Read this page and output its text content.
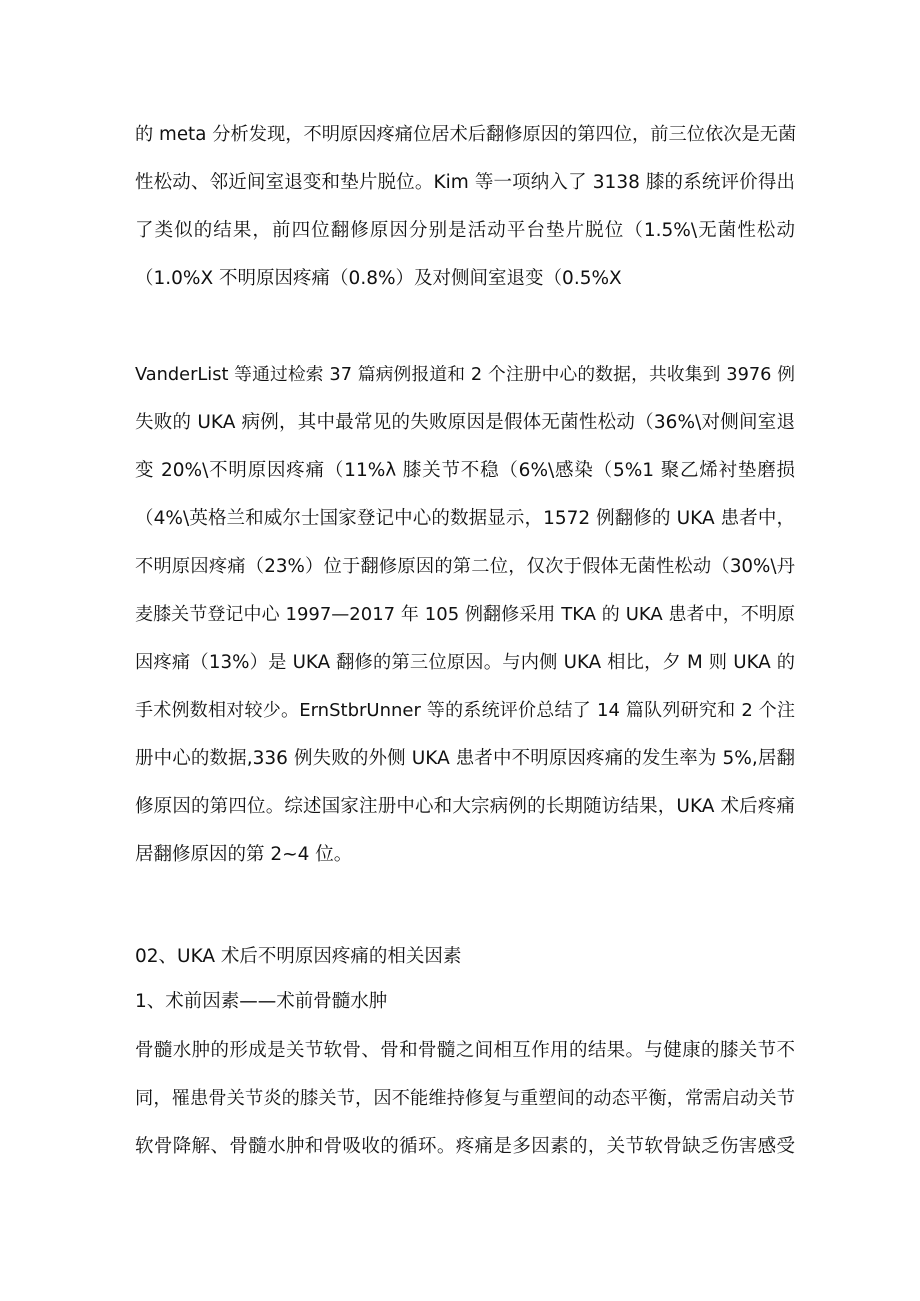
的 meta 分析发现，不明原因疼痛位居术后翻修原因的第四位，前三位依次是无菌
性松动、邻近间室退变和垫片脱位。Kim 等一项纳入了 3138 膝的系统评价得出
了类似的结果，前四位翻修原因分别是活动平台垫片脱位（1.5%\无菌性松动
（1.0%X 不明原因疼痛（0.8%）及对侧间室退变（0.5%X
VanderList 等通过检索 37 篇病例报道和 2 个注册中心的数据，共收集到 3976 例
失败的 UKA 病例，其中最常见的失败原因是假体无菌性松动（36%\对侧间室退
变 20%\不明原因疼痛（11%λ 膝关节不稳（6%\感染（5%1 聚乙烯衬垫磨损
（4%\英格兰和威尔士国家登记中心的数据显示，1572 例翻修的 UKA 患者中，
不明原因疼痛（23%）位于翻修原因的第二位，仅次于假体无菌性松动（30%\丹
麦膝关节登记中心 1997—2017 年 105 例翻修采用 TKA 的 UKA 患者中，不明原
因疼痛（13%）是 UKA 翻修的第三位原因。与内侧 UKA 相比，夕 M 则 UKA 的
手术例数相对较少。ErnStbrUnner 等的系统评价总结了 14 篇队列研究和 2 个注
册中心的数据,336 例失败的外侧 UKA 患者中不明原因疼痛的发生率为 5%,居翻
修原因的第四位。综述国家注册中心和大宗病例的长期随访结果，UKA 术后疼痛
居翻修原因的第 2~4 位。
02、UKA 术后不明原因疼痛的相关因素
1、术前因素——术前骨髓水肿
骨髓水肿的形成是关节软骨、骨和骨髓之间相互作用的结果。与健康的膝关节不
同，罹患骨关节炎的膝关节，因不能维持修复与重塑间的动态平衡，常需启动关节
软骨降解、骨髓水肿和骨吸收的循环。疼痛是多因素的，关节软骨缺乏伤害感受
